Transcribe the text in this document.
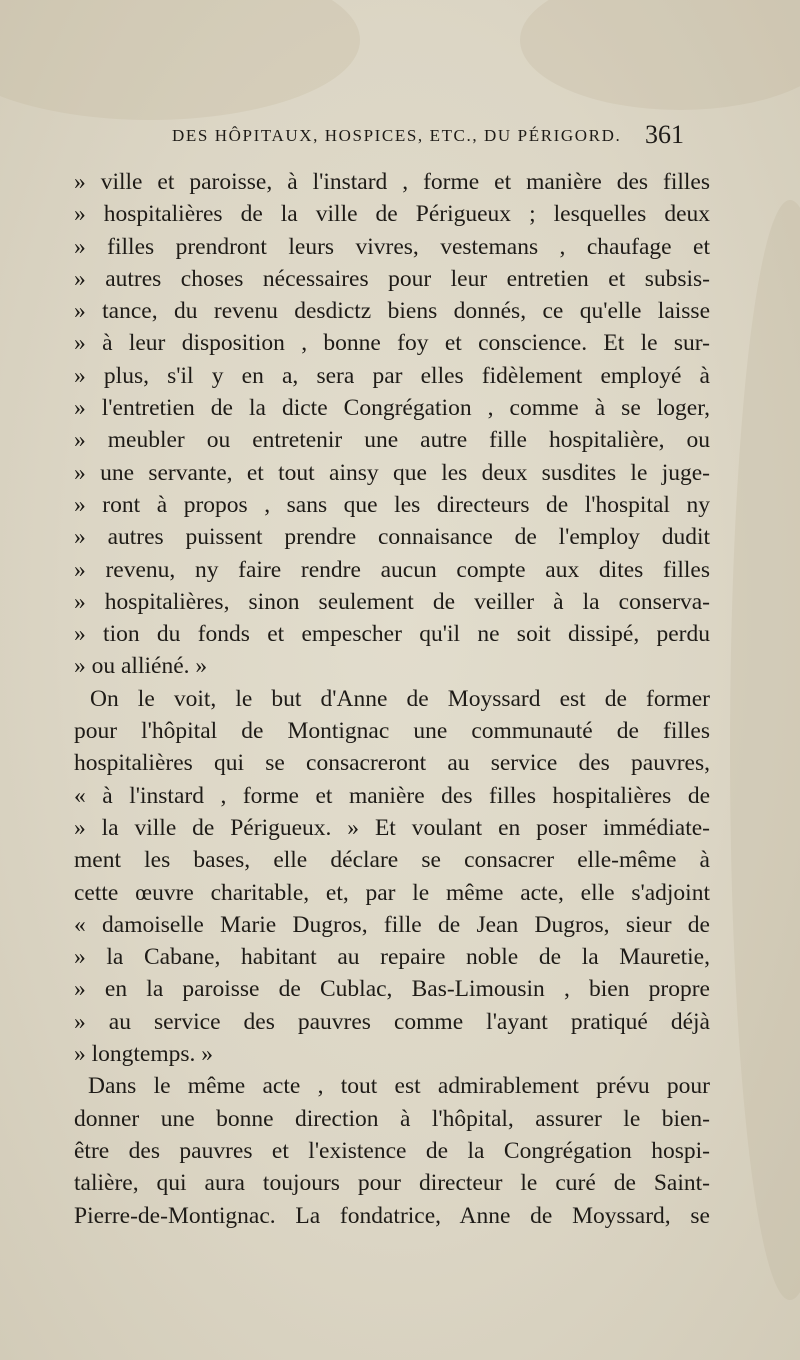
DES HÔPITAUX, HOSPICES, ETC., DU PÉRIGORD. 361
» ville et paroisse, à l'instard , forme et manière des filles
» hospitalières de la ville de Périgueux ; lesquelles deux
» filles prendront leurs vivres, vestemans , chaufage et
» autres choses nécessaires pour leur entretien et subsis-
» tance, du revenu desdictz biens donnés, ce qu'elle laisse
» à leur disposition , bonne foy et conscience. Et le sur-
» plus, s'il y en a, sera par elles fidèlement employé à
» l'entretien de la dicte Congrégation , comme à se loger,
» meubler ou entretenir une autre fille hospitalière, ou
» une servante, et tout ainsy que les deux susdites le juge-
» ront à propos , sans que les directeurs de l'hospital ny
» autres puissent prendre connaisance de l'employ dudit
» revenu, ny faire rendre aucun compte aux dites filles
» hospitalières, sinon seulement de veiller à la conserva-
» tion du fonds et empescher qu'il ne soit dissipé, perdu
» ou alliéné. »
On le voit, le but d'Anne de Moyssard est de former
pour l'hôpital de Montignac une communauté de filles
hospitalières qui se consacreront au service des pauvres,
« à l'instard , forme et manière des filles hospitalières de
» la ville de Périgueux. » Et voulant en poser immédiate-
ment les bases, elle déclare se consacrer elle-même à
cette œuvre charitable, et, par le même acte, elle s'adjoint
« damoiselle Marie Dugros, fille de Jean Dugros, sieur de
» la Cabane, habitant au repaire noble de la Mauretie,
» en la paroisse de Cublac, Bas-Limousin , bien propre
» au service des pauvres comme l'ayant pratiqué déjà
» longtemps. »
Dans le même acte , tout est admirablement prévu pour
donner une bonne direction à l'hôpital, assurer le bien-
être des pauvres et l'existence de la Congrégation hospi-
talière, qui aura toujours pour directeur le curé de Saint-
Pierre-de-Montignac. La fondatrice, Anne de Moyssard, se
